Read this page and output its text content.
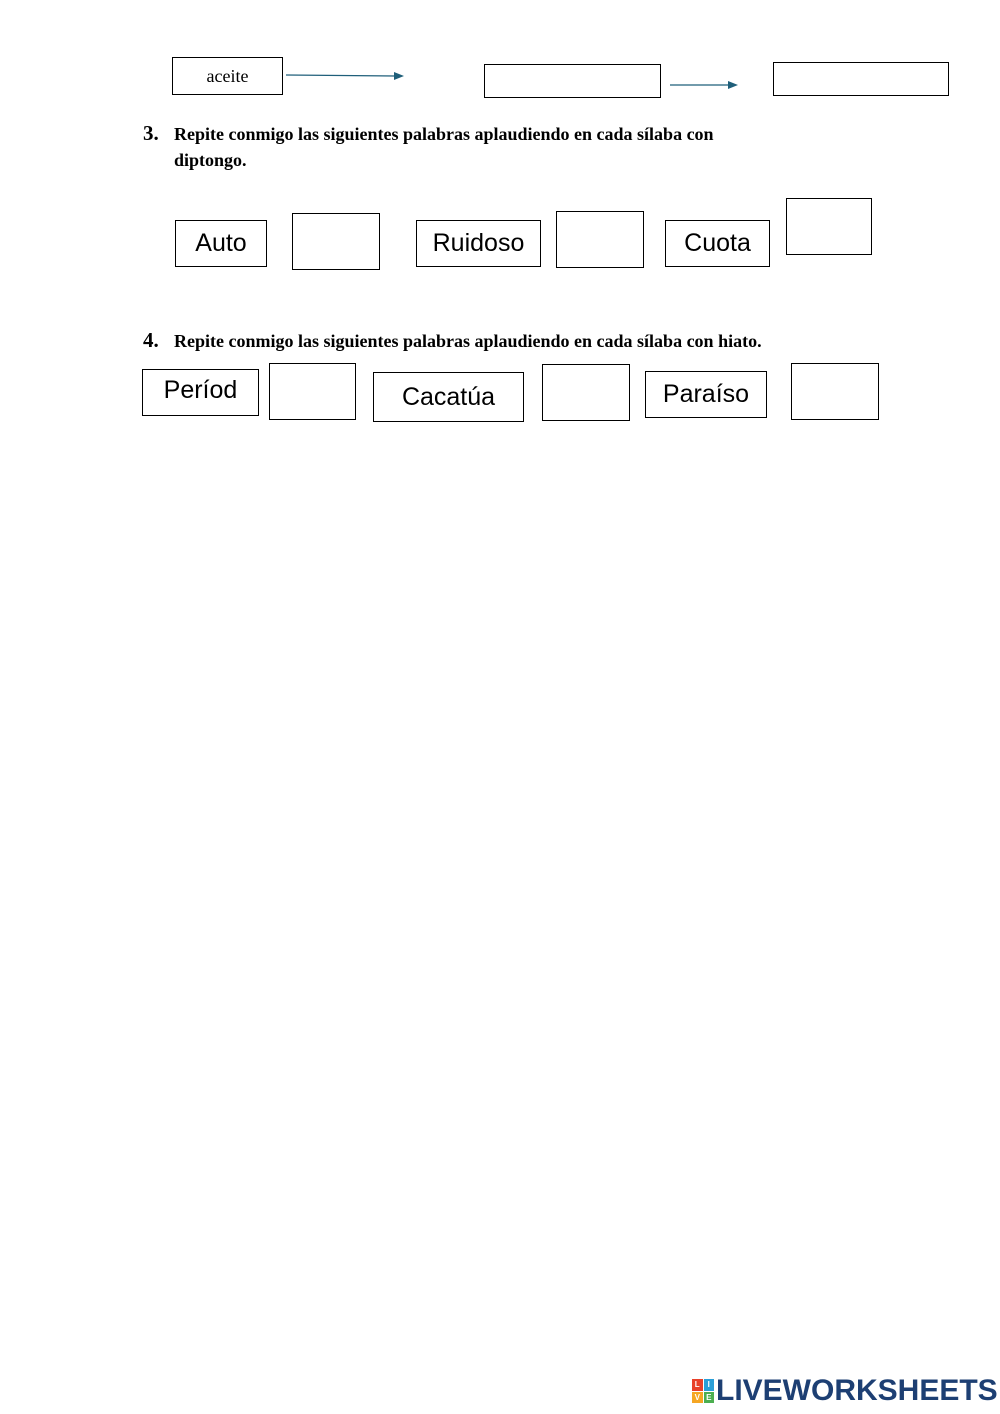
aceite
3. Repite conmigo las siguientes palabras aplaudiendo en cada sílaba con
diptongo.
Auto	Ruidoso	Cuota
4. Repite conmigo las siguientes palabras aplaudiendo en cada sílaba con hiato.
Períod	Cacatúa	Paraíso
L I
V E LIVEWORKSHEETS
